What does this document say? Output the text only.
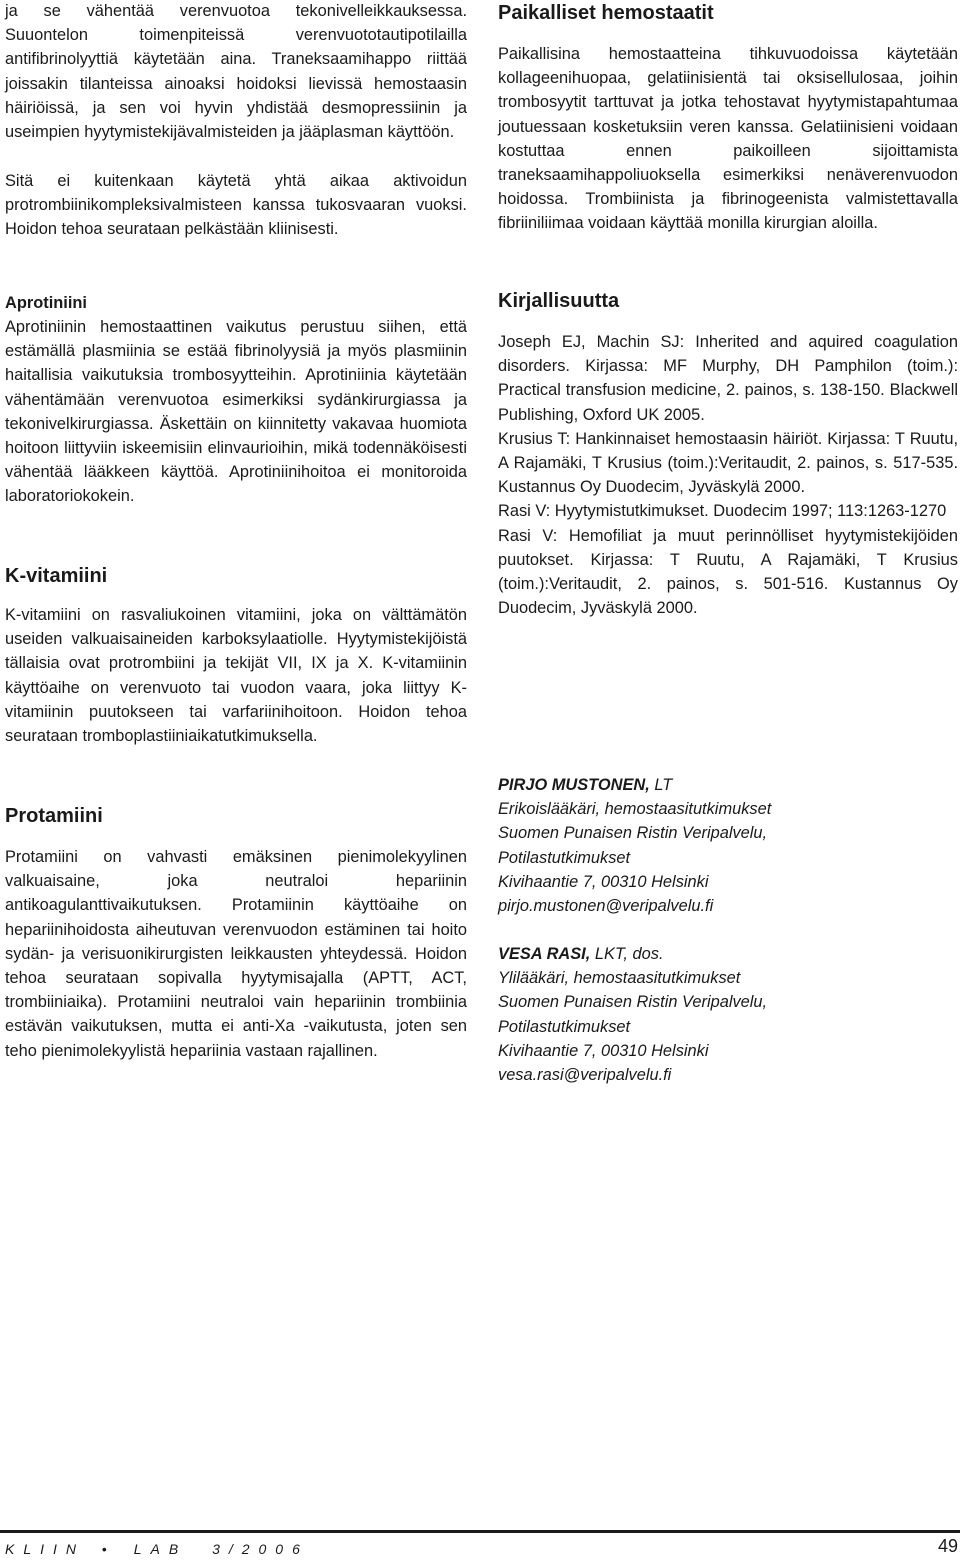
ja se vähentää verenvuotoa tekonivelleikkauksessa. Suuontelon toimenpiteissä verenvuototautipotilailla antifibrinolyyttiä käytetään aina. Traneksaamihappo riittää joissakin tilanteissa ainoaksi hoidoksi lievissä hemostaasin häiriöissä, ja sen voi hyvin yhdistää desmopressiinin ja useimpien hyytymistekijävalmisteiden ja jääplasman käyttöön.

Sitä ei kuitenkaan käytetä yhtä aikaa aktivoidun protrombiinikompleksivalmisteen kanssa tukosvaaran vuoksi. Hoidon tehoa seurataan pelkästään kliinisesti.

Aprotiniini

Aprotiniinin hemostaattinen vaikutus perustuu siihen, että estämällä plasmiinia se estää fibrinolyysiä ja myös plasmiinin haitallisia vaikutuksia trombosyytteihin. Aprotiniinia käytetään vähentämään verenvuotoa esimerkiksi sydänkirurgiassa ja tekonivelkirurgiassa. Äskettäin on kiinnitetty vakavaa huomiota hoitoon liittyviin iskeemisiin elinvaurioihin, mikä todennäköisesti vähentää lääkkeen käyttöä. Aprotiniinihoitoa ei monitoroida laboratoriokokein.

K-vitamiini

K-vitamiini on rasvaliukoinen vitamiini, joka on välttämätön useiden valkuaisaineiden karboksylaatiolle. Hyytymistekijöistä tällaisia ovat protrombiini ja tekijät VII, IX ja X. K-vitamiinin käyttöaihe on verenvuoto tai vuodon vaara, joka liittyy K-vitamiinin puutokseen tai varfariinihoitoon. Hoidon tehoa seurataan tromboplastiiniaikatutkimuksella.

Protamiini

Protamiini on vahvasti emäksinen pienimolekyylinen valkuaisaine, joka neutraloi hepariinin antikoagulanttivaikutuksen. Protamiinin käyttöaihe on hepariinihoidosta aiheutuvan verenvuodon estäminen tai hoito sydän- ja verisuonikirurgisten leikkausten yhteydessä. Hoidon tehoa seurataan sopivalla hyytymisajalla (APTT, ACT, trombiiniaika). Protamiini neutraloi vain hepariinin trombiinia estävän vaikutuksen, mutta ei anti-Xa -vaikutusta, joten sen teho pienimolekyylistä hepariinia vastaan rajallinen.

Paikalliset hemostaatit

Paikallisina hemostaatteina tihkuvuodoissa käytetään kollageenihuopaa, gelatiinisientä tai oksisellulosaa, joihin trombosyytit tarttuvat ja jotka tehostavat hyytymistapahtumaa joutuessaan kosketuksiin veren kanssa. Gelatiinisieni voidaan kostuttaa ennen paikoilleen sijoittamista traneksaamihappoliuoksella esimerkiksi nenäverenvuodon hoidossa. Trombiinista ja fibrinogeenista valmistettavalla fibriiniliimaa voidaan käyttää monilla kirurgian aloilla.

Kirjallisuutta

Joseph EJ, Machin SJ: Inherited and aquired coagulation disorders. Kirjassa: MF Murphy, DH Pamphilon (toim.): Practical transfusion medicine, 2. painos, s. 138-150. Blackwell Publishing, Oxford UK 2005.

Krusius T: Hankinnaiset hemostaasin häiriöt. Kirjassa: T Ruutu, A Rajamäki, T Krusius (toim.):Veritaudit, 2. painos, s. 517-535. Kustannus Oy Duodecim, Jyväskylä 2000.

Rasi V: Hyytymistutkimukset. Duodecim 1997; 113:1263-1270

Rasi V: Hemofiliat ja muut perinnölliset hyytymistekijöiden puutokset. Kirjassa: T Ruutu, A Rajamäki, T Krusius (toim.):Veritaudit, 2. painos, s. 501-516. Kustannus Oy Duodecim, Jyväskylä 2000.

PIRJO MUSTONEN, LT
Erikoislääkäri, hemostaasitutkimukset
Suomen Punaisen Ristin Veripalvelu,
Potilastutkimukset
Kivihaantie 7, 00310 Helsinki
pirjo.mustonen@veripalvelu.fi
VESA RASI, LKT, dos.
Ylilääkäri, hemostaasitutkimukset
Suomen Punaisen Ristin Veripalvelu,
Potilastutkimukset
Kivihaantie 7, 00310 Helsinki
vesa.rasi@veripalvelu.fi
KLIIN • LAB 3/2006	49
